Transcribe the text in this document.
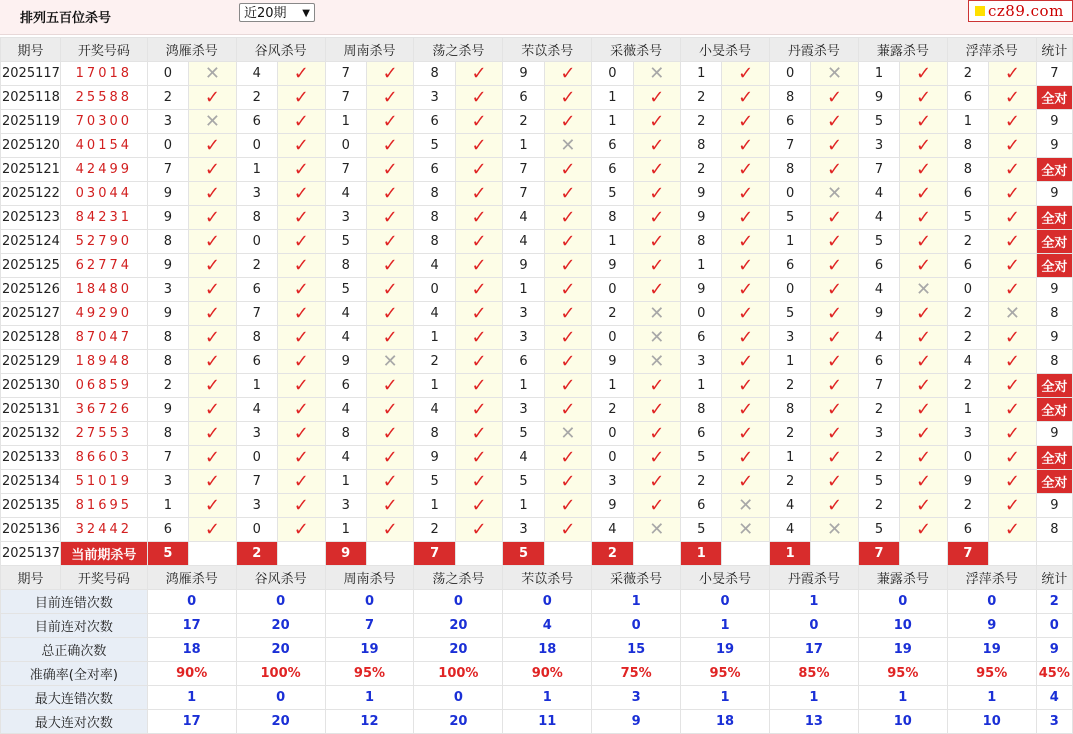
排列五百位杀号	近20期 ▼	cz89.com
期号	开奖号码	鸿雁杀号		谷风杀号		周南杀号		荡之杀号		芣苡杀号		采薇杀号		小旻杀号		丹霞杀号		蒹露杀号		浮萍杀号		统计
2025117	17018	0	✕	4	✓	7	✓	8	✓	9	✓	0	✕	1	✓	0	✕	1	✓	2	✓	7
2025118	25588	2	✓	2	✓	7	✓	3	✓	6	✓	1	✓	2	✓	8	✓	9	✓	6	✓	全对
2025119	70300	3	✕	6	✓	1	✓	6	✓	2	✓	1	✓	2	✓	6	✓	5	✓	1	✓	9
2025120	40154	0	✓	0	✓	0	✓	5	✓	1	✕	6	✓	8	✓	7	✓	3	✓	8	✓	9
2025121	42499	7	✓	1	✓	7	✓	6	✓	7	✓	6	✓	2	✓	8	✓	7	✓	8	✓	全对
2025122	03044	9	✓	3	✓	4	✓	8	✓	7	✓	5	✓	9	✓	0	✕	4	✓	6	✓	9
2025123	84231	9	✓	8	✓	3	✓	8	✓	4	✓	8	✓	9	✓	5	✓	4	✓	5	✓	全对
2025124	52790	8	✓	0	✓	5	✓	8	✓	4	✓	1	✓	8	✓	1	✓	5	✓	2	✓	全对
2025125	62774	9	✓	2	✓	8	✓	4	✓	9	✓	9	✓	1	✓	6	✓	6	✓	6	✓	全对
2025126	18480	3	✓	6	✓	5	✓	0	✓	1	✓	0	✓	9	✓	0	✓	4	✕	0	✓	9
2025127	49290	9	✓	7	✓	4	✓	4	✓	3	✓	2	✕	0	✓	5	✓	9	✓	2	✕	8
2025128	87047	8	✓	8	✓	4	✓	1	✓	3	✓	0	✕	6	✓	3	✓	4	✓	2	✓	9
2025129	18948	8	✓	6	✓	9	✕	2	✓	6	✓	9	✕	3	✓	1	✓	6	✓	4	✓	8
2025130	06859	2	✓	1	✓	6	✓	1	✓	1	✓	1	✓	1	✓	2	✓	7	✓	2	✓	全对
2025131	36726	9	✓	4	✓	4	✓	4	✓	3	✓	2	✓	8	✓	8	✓	2	✓	1	✓	全对
2025132	27553	8	✓	3	✓	8	✓	8	✓	5	✕	0	✓	6	✓	2	✓	3	✓	3	✓	9
2025133	86603	7	✓	0	✓	4	✓	9	✓	4	✓	0	✓	5	✓	1	✓	2	✓	0	✓	全对
2025134	51019	3	✓	7	✓	1	✓	5	✓	5	✓	3	✓	2	✓	2	✓	5	✓	9	✓	全对
2025135	81695	1	✓	3	✓	3	✓	1	✓	1	✓	9	✓	6	✕	4	✓	2	✓	2	✓	9
2025136	32442	6	✓	0	✓	1	✓	2	✓	3	✓	4	✕	5	✕	4	✕	5	✓	6	✓	8
2025137	当前期杀号	5		2		9		7		5		2		1		1		7		7		
期号	开奖号码	鸿雁杀号		谷风杀号		周南杀号		荡之杀号		芣苡杀号		采薇杀号		小旻杀号		丹霞杀号		蒹露杀号		浮萍杀号		统计
目前连错次数		0		0		0		0		0		1		0		1		0		0		2
目前连对次数		17		20		7		20		4		0		1		0		10		9		0
总正确次数		18		20		19		20		18		15		19		17		19		19		9
准确率(全对率)		90%		100%		95%		100%		90%		75%		95%		85%		95%		95%		45%
最大连错次数		1		0		1		0		1		3		1		1		1		1		4
最大连对次数		17		20		12		20		11		9		18		13		10		10		3
